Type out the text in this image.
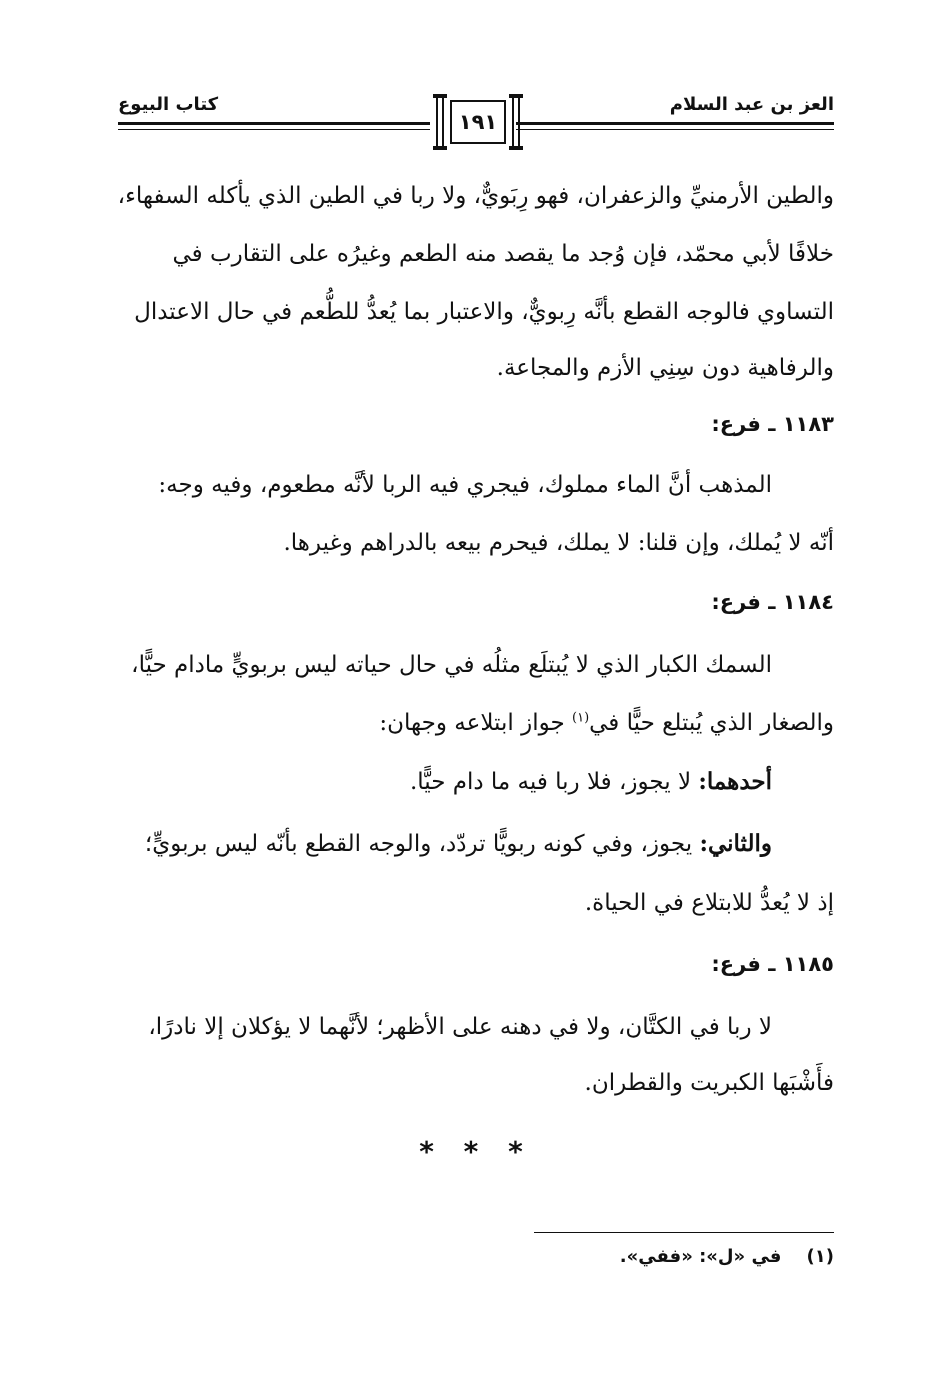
العز بن عبد السلام
كتاب البيوع
١٩١
والطين الأرمنيِّ والزعفران، فهو رِبَويٌّ، ولا ربا في الطين الذي يأكله السفهاء،
خلافًا لأبي محمّد، فإن وُجد ما يقصد منه الطعم وغيرُه على التقارب في
التساوي فالوجه القطع بأنَّه رِبويٌّ، والاعتبار بما يُعدُّ للطُّعم في حال الاعتدال
والرفاهية دون سِنِي الأزم والمجاعة.
١١٨٣ ـ فرع:
المذهب أنَّ الماء مملوك، فيجري فيه الربا لأنَّه مطعوم، وفيه وجه:
أنّه لا يُملك، وإن قلنا: لا يملك، فيحرم بيعه بالدراهم وغيرها.
١١٨٤ ـ فرع:
السمك الكبار الذي لا يُبتلَع مثلُه في حال حياته ليس بربويٍّ مادام حيًّا،
والصغار الذي يُبتلع حيًّا في$^{(١)}$ جواز ابتلاعه وجهان:
أحدهما: لا يجوز، فلا ربا فيه ما دام حيًّا.
والثاني: يجوز، وفي كونه ربويًّا تردّد، والوجه القطع بأنّه ليس بربويٍّ؛
إذ لا يُعدُّ للابتلاع في الحياة.
١١٨٥ ـ فرع:
لا ربا في الكتَّان، ولا في دهنه على الأظهر؛ لأنَّهما لا يؤكلان إلا نادرًا،
فأَشْبَها الكبريت والقطران.
* * *
(١)    في «ل»: «ففي».
